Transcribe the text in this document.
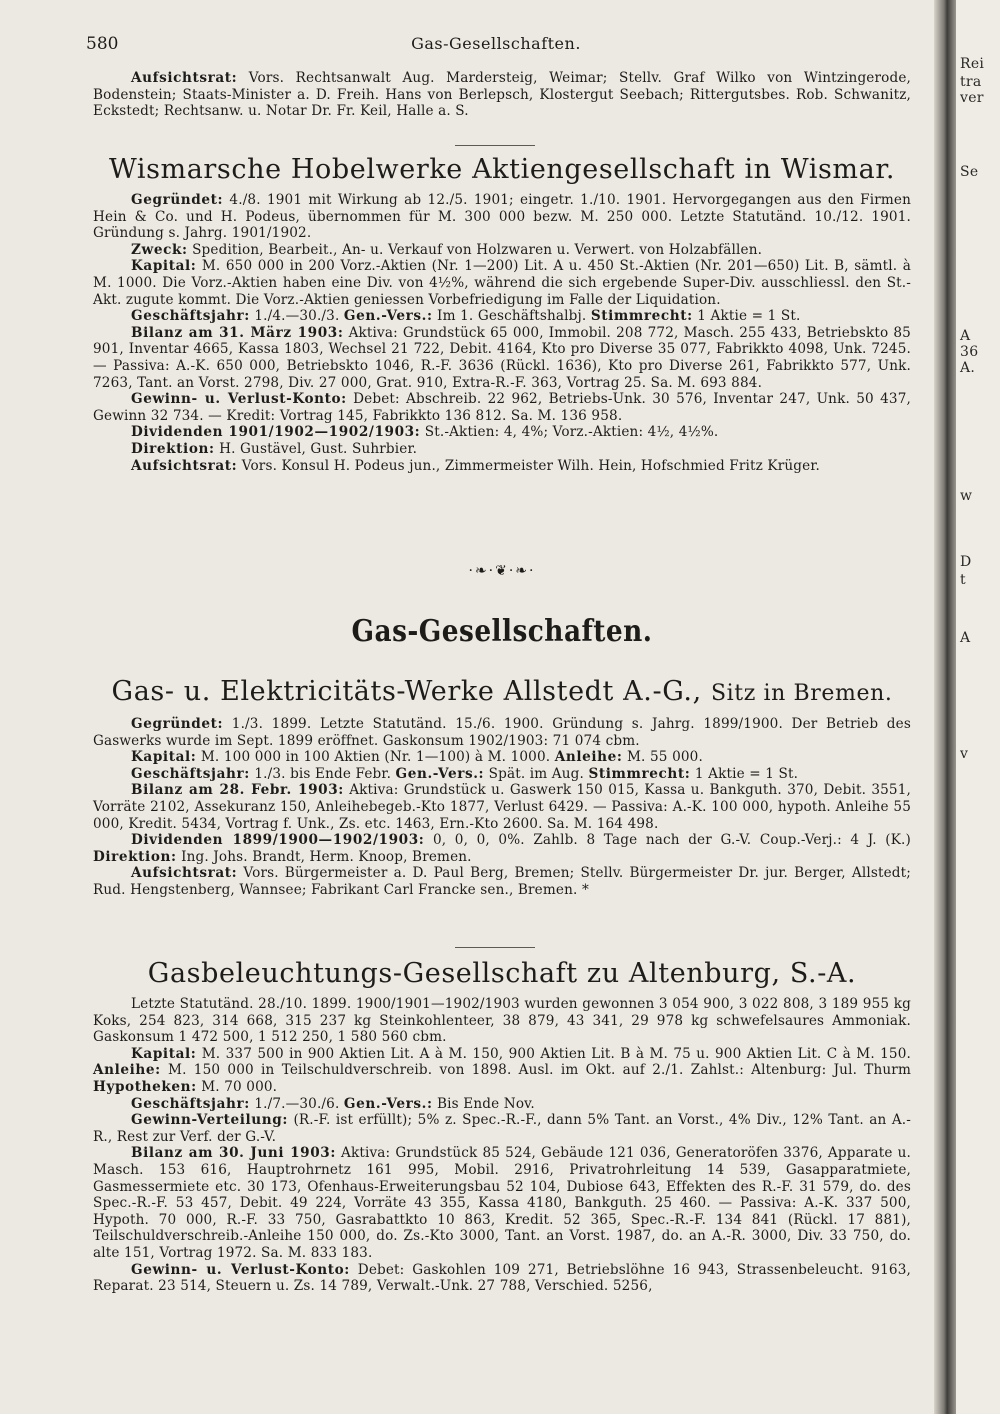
Rei
tra
ver
Se
A
36
A.
w
D
t
A
v
580	Gas-Gesellschaften.

Aufsichtsrat: Vors. Rechtsanwalt Aug. Mardersteig, Weimar; Stellv. Graf Wilko von Wintzingerode, Bodenstein; Staats-Minister a. D. Freih. Hans von Berlepsch, Klostergut Seebach; Rittergutsbes. Rob. Schwanitz, Eckstedt; Rechtsanw. u. Notar Dr. Fr. Keil, Halle a. S.

Wismarsche Hobelwerke Aktiengesellschaft in Wismar.

Gegründet: 4./8. 1901 mit Wirkung ab 12./5. 1901; eingetr. 1./10. 1901. Hervorgegangen aus den Firmen Hein & Co. und H. Podeus, übernommen für M. 300 000 bezw. M. 250 000. Letzte Statutänd. 10./12. 1901. Gründung s. Jahrg. 1901/1902.

Zweck: Spedition, Bearbeit., An- u. Verkauf von Holzwaren u. Verwert. von Holzabfällen.

Kapital: M. 650 000 in 200 Vorz.-Aktien (Nr. 1—200) Lit. A u. 450 St.-Aktien (Nr. 201—650) Lit. B, sämtl. à M. 1000. Die Vorz.-Aktien haben eine Div. von 4½%, während die sich ergebende Super-Div. ausschliessl. den St.-Akt. zugute kommt. Die Vorz.-Aktien geniessen Vorbefriedigung im Falle der Liquidation.

Geschäftsjahr: 1./4.—30./3. Gen.-Vers.: Im 1. Geschäftshalbj. Stimmrecht: 1 Aktie = 1 St.

Bilanz am 31. März 1903: Aktiva: Grundstück 65 000, Immobil. 208 772, Masch. 255 433, Betriebskto 85 901, Inventar 4665, Kassa 1803, Wechsel 21 722, Debit. 4164, Kto pro Diverse 35 077, Fabrikkto 4098, Unk. 7245. — Passiva: A.-K. 650 000, Betriebskto 1046, R.-F. 3636 (Rückl. 1636), Kto pro Diverse 261, Fabrikkto 577, Unk. 7263, Tant. an Vorst. 2798, Div. 27 000, Grat. 910, Extra-R.-F. 363, Vortrag 25. Sa. M. 693 884.

Gewinn- u. Verlust-Konto: Debet: Abschreib. 22 962, Betriebs-Unk. 30 576, Inventar 247, Unk. 50 437, Gewinn 32 734. — Kredit: Vortrag 145, Fabrikkto 136 812. Sa. M. 136 958.

Dividenden 1901/1902—1902/1903: St.-Aktien: 4, 4%; Vorz.-Aktien: 4½, 4½%.

Direktion: H. Gustävel, Gust. Suhrbier.

Aufsichtsrat: Vors. Konsul H. Podeus jun., Zimmermeister Wilh. Hein, Hofschmied Fritz Krüger.

·❧·❦·❧·
Gas-Gesellschaften.
Gas- u. Elektricitäts-Werke Allstedt A.-G., Sitz in Bremen.

Gegründet: 1./3. 1899. Letzte Statutänd. 15./6. 1900. Gründung s. Jahrg. 1899/1900. Der Betrieb des Gaswerks wurde im Sept. 1899 eröffnet. Gaskonsum 1902/1903: 71 074 cbm.

Kapital: M. 100 000 in 100 Aktien (Nr. 1—100) à M. 1000. Anleihe: M. 55 000.

Geschäftsjahr: 1./3. bis Ende Febr. Gen.-Vers.: Spät. im Aug. Stimmrecht: 1 Aktie = 1 St.

Bilanz am 28. Febr. 1903: Aktiva: Grundstück u. Gaswerk 150 015, Kassa u. Bankguth. 370, Debit. 3551, Vorräte 2102, Assekuranz 150, Anleihebegeb.-Kto 1877, Verlust 6429. — Passiva: A.-K. 100 000, hypoth. Anleihe 55 000, Kredit. 5434, Vortrag f. Unk., Zs. etc. 1463, Ern.-Kto 2600. Sa. M. 164 498.

Dividenden 1899/1900—1902/1903: 0, 0, 0, 0%. Zahlb. 8 Tage nach der G.-V. Coup.-Verj.: 4 J. (K.) Direktion: Ing. Johs. Brandt, Herm. Knoop, Bremen.

Aufsichtsrat: Vors. Bürgermeister a. D. Paul Berg, Bremen; Stellv. Bürgermeister Dr. jur. Berger, Allstedt; Rud. Hengstenberg, Wannsee; Fabrikant Carl Francke sen., Bremen. *

Gasbeleuchtungs-Gesellschaft zu Altenburg, S.-A.

Letzte Statutänd. 28./10. 1899. 1900/1901—1902/1903 wurden gewonnen 3 054 900, 3 022 808, 3 189 955 kg Koks, 254 823, 314 668, 315 237 kg Steinkohlenteer, 38 879, 43 341, 29 978 kg schwefelsaures Ammoniak. Gaskonsum 1 472 500, 1 512 250, 1 580 560 cbm.

Kapital: M. 337 500 in 900 Aktien Lit. A à M. 150, 900 Aktien Lit. B à M. 75 u. 900 Aktien Lit. C à M. 150. Anleihe: M. 150 000 in Teilschuldverschreib. von 1898. Ausl. im Okt. auf 2./1. Zahlst.: Altenburg: Jul. Thurm Hypotheken: M. 70 000.

Geschäftsjahr: 1./7.—30./6. Gen.-Vers.: Bis Ende Nov.

Gewinn-Verteilung: (R.-F. ist erfüllt); 5% z. Spec.-R.-F., dann 5% Tant. an Vorst., 4% Div., 12% Tant. an A.-R., Rest zur Verf. der G.-V.

Bilanz am 30. Juni 1903: Aktiva: Grundstück 85 524, Gebäude 121 036, Generatoröfen 3376, Apparate u. Masch. 153 616, Hauptrohrnetz 161 995, Mobil. 2916, Privatrohrleitung 14 539, Gasapparatmiete, Gasmessermiete etc. 30 173, Ofenhaus-Erweiterungsbau 52 104, Dubiose 643, Effekten des R.-F. 31 579, do. des Spec.-R.-F. 53 457, Debit. 49 224, Vorräte 43 355, Kassa 4180, Bankguth. 25 460. — Passiva: A.-K. 337 500, Hypoth. 70 000, R.-F. 33 750, Gasrabattkto 10 863, Kredit. 52 365, Spec.-R.-F. 134 841 (Rückl. 17 881), Teilschuldverschreib.-Anleihe 150 000, do. Zs.-Kto 3000, Tant. an Vorst. 1987, do. an A.-R. 3000, Div. 33 750, do. alte 151, Vortrag 1972. Sa. M. 833 183.

Gewinn- u. Verlust-Konto: Debet: Gaskohlen 109 271, Betriebslöhne 16 943, Strassenbeleucht. 9163, Reparat. 23 514, Steuern u. Zs. 14 789, Verwalt.-Unk. 27 788, Verschied. 5256,
